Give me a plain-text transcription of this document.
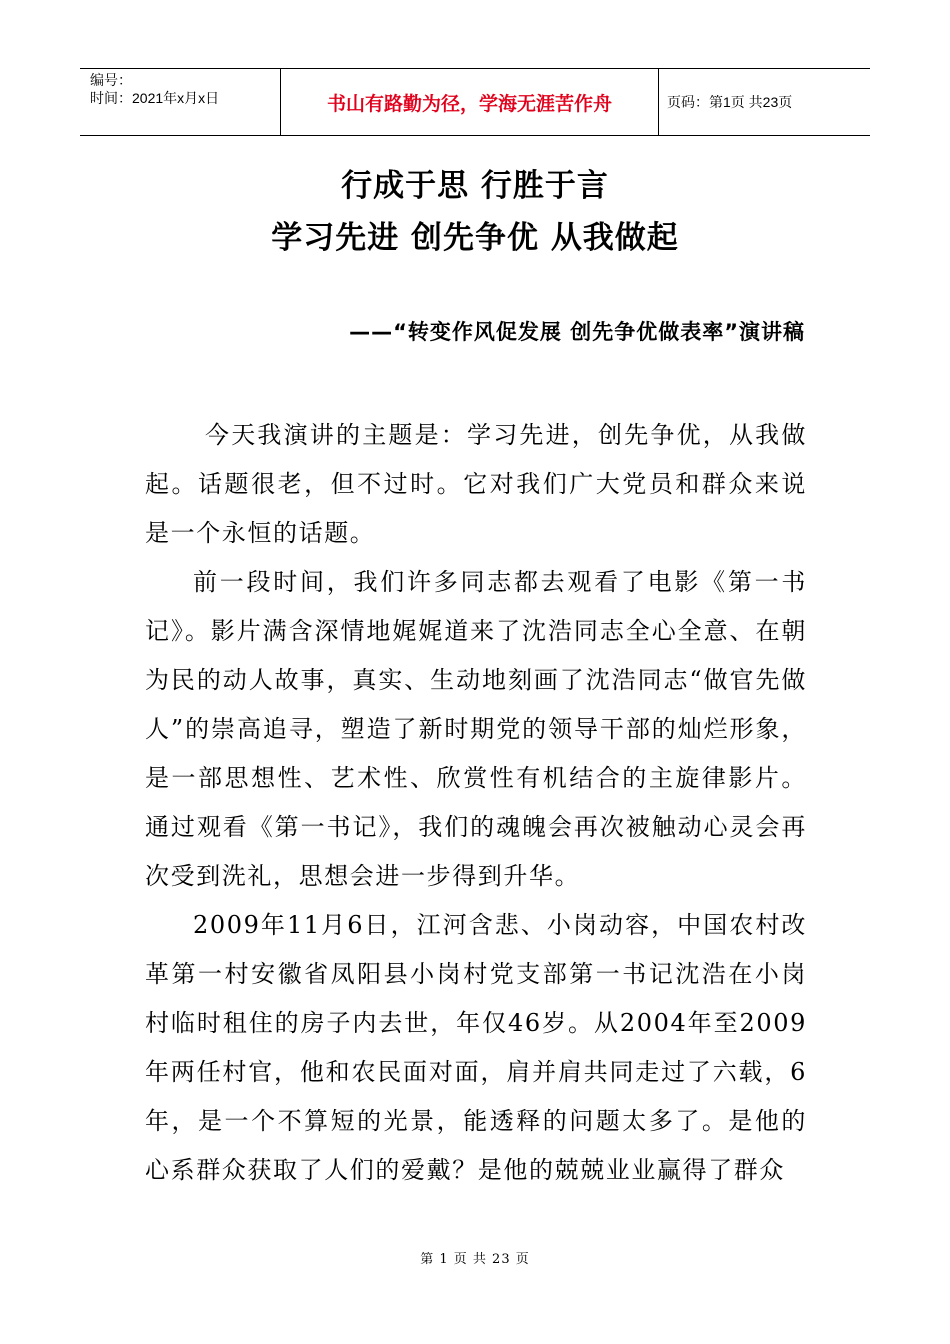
编号：
时间：2021年x月x日	书山有路勤为径，学海无涯苦作舟	页码：第1页 共23页
行成于思 行胜于言
学习先进 创先争优 从我做起
——“转变作风促发展 创先争优做表率”演讲稿

今天我演讲的主题是：学习先进，创先争优，从我做起。话题很老，但不过时。它对我们广大党员和群众来说是一个永恒的话题。

前一段时间，我们许多同志都去观看了电影《第一书记》。影片满含深情地娓娓道来了沈浩同志全心全意、在朝为民的动人故事，真实、生动地刻画了沈浩同志“做官先做人”的崇高追寻，塑造了新时期党的领导干部的灿烂形象，是一部思想性、艺术性、欣赏性有机结合的主旋律影片。通过观看《第一书记》，我们的魂魄会再次被触动心灵会再次受到洗礼，思想会进一步得到升华。

2009年11月6日，江河含悲、小岗动容，中国农村改革第一村安徽省凤阳县小岗村党支部第一书记沈浩在小岗村临时租住的房子内去世，年仅46岁。从2004年至2009年两任村官，他和农民面对面，肩并肩共同走过了六载，6年，是一个不算短的光景，能透释的问题太多了。是他的心系群众获取了人们的爱戴？是他的兢兢业业赢得了群众

第 1 页 共 23 页
